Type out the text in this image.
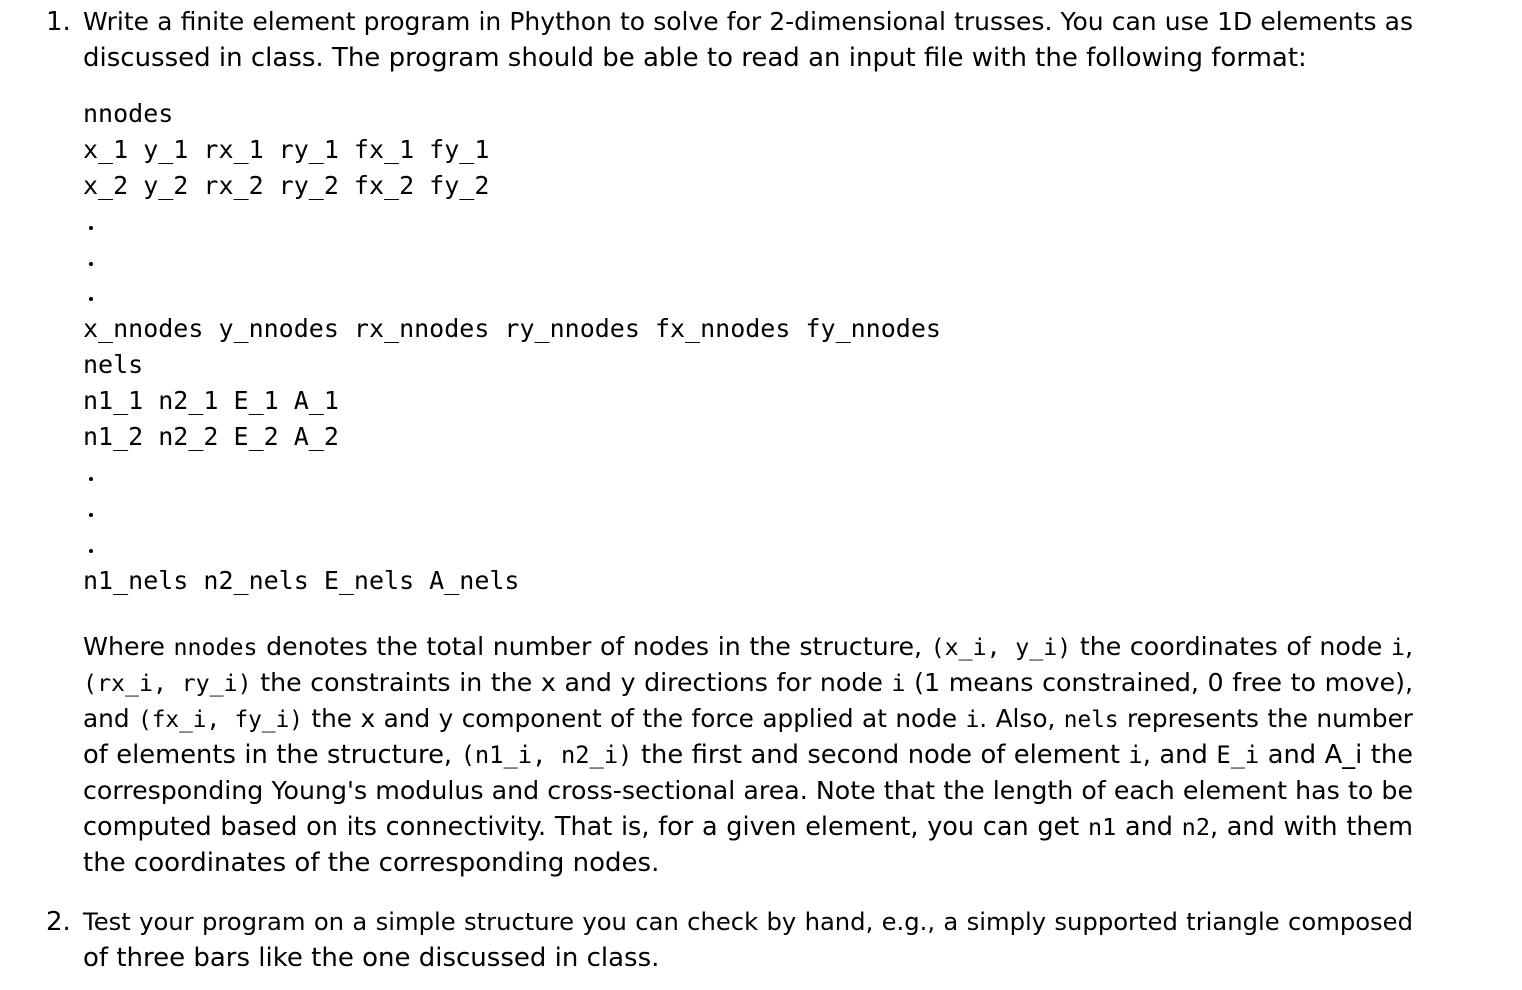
1. Write a finite element program in Phython to solve for 2-dimensional trusses. You can use 1D elements as
discussed in class. The program should be able to read an input file with the following format:
nnodes
x_1 y_1 rx_1 ry_1 fx_1 fy_1
x_2 y_2 rx_2 ry_2 fx_2 fy_2
x_nnodes y_nnodes rx_nnodes ry_nnodes fx_nnodes fy_nnodes
nels
n1_1 n2_1 E_1 A_1
n1_2 n2_2 E_2 A_2
n1_nels n2_nels E_nels A_nels
Where nnodes denotes the total number of nodes in the structure, (x_i, y_i) the coordinates of node i,
(rx_i, ry_i) the constraints in the x and y directions for node i (1 means constrained, 0 free to move),
and (fx_i, fy_i) the x and y component of the force applied at node i. Also, nels represents the number
of elements in the structure, (n1_i, n2_i) the first and second node of element i, and E_i and A_i the
corresponding Young's modulus and cross-sectional area. Note that the length of each element has to be
computed based on its connectivity. That is, for a given element, you can get n1 and n2, and with them
the coordinates of the corresponding nodes.
2. Test your program on a simple structure you can check by hand, e.g., a simply supported triangle composed
of three bars like the one discussed in class.
